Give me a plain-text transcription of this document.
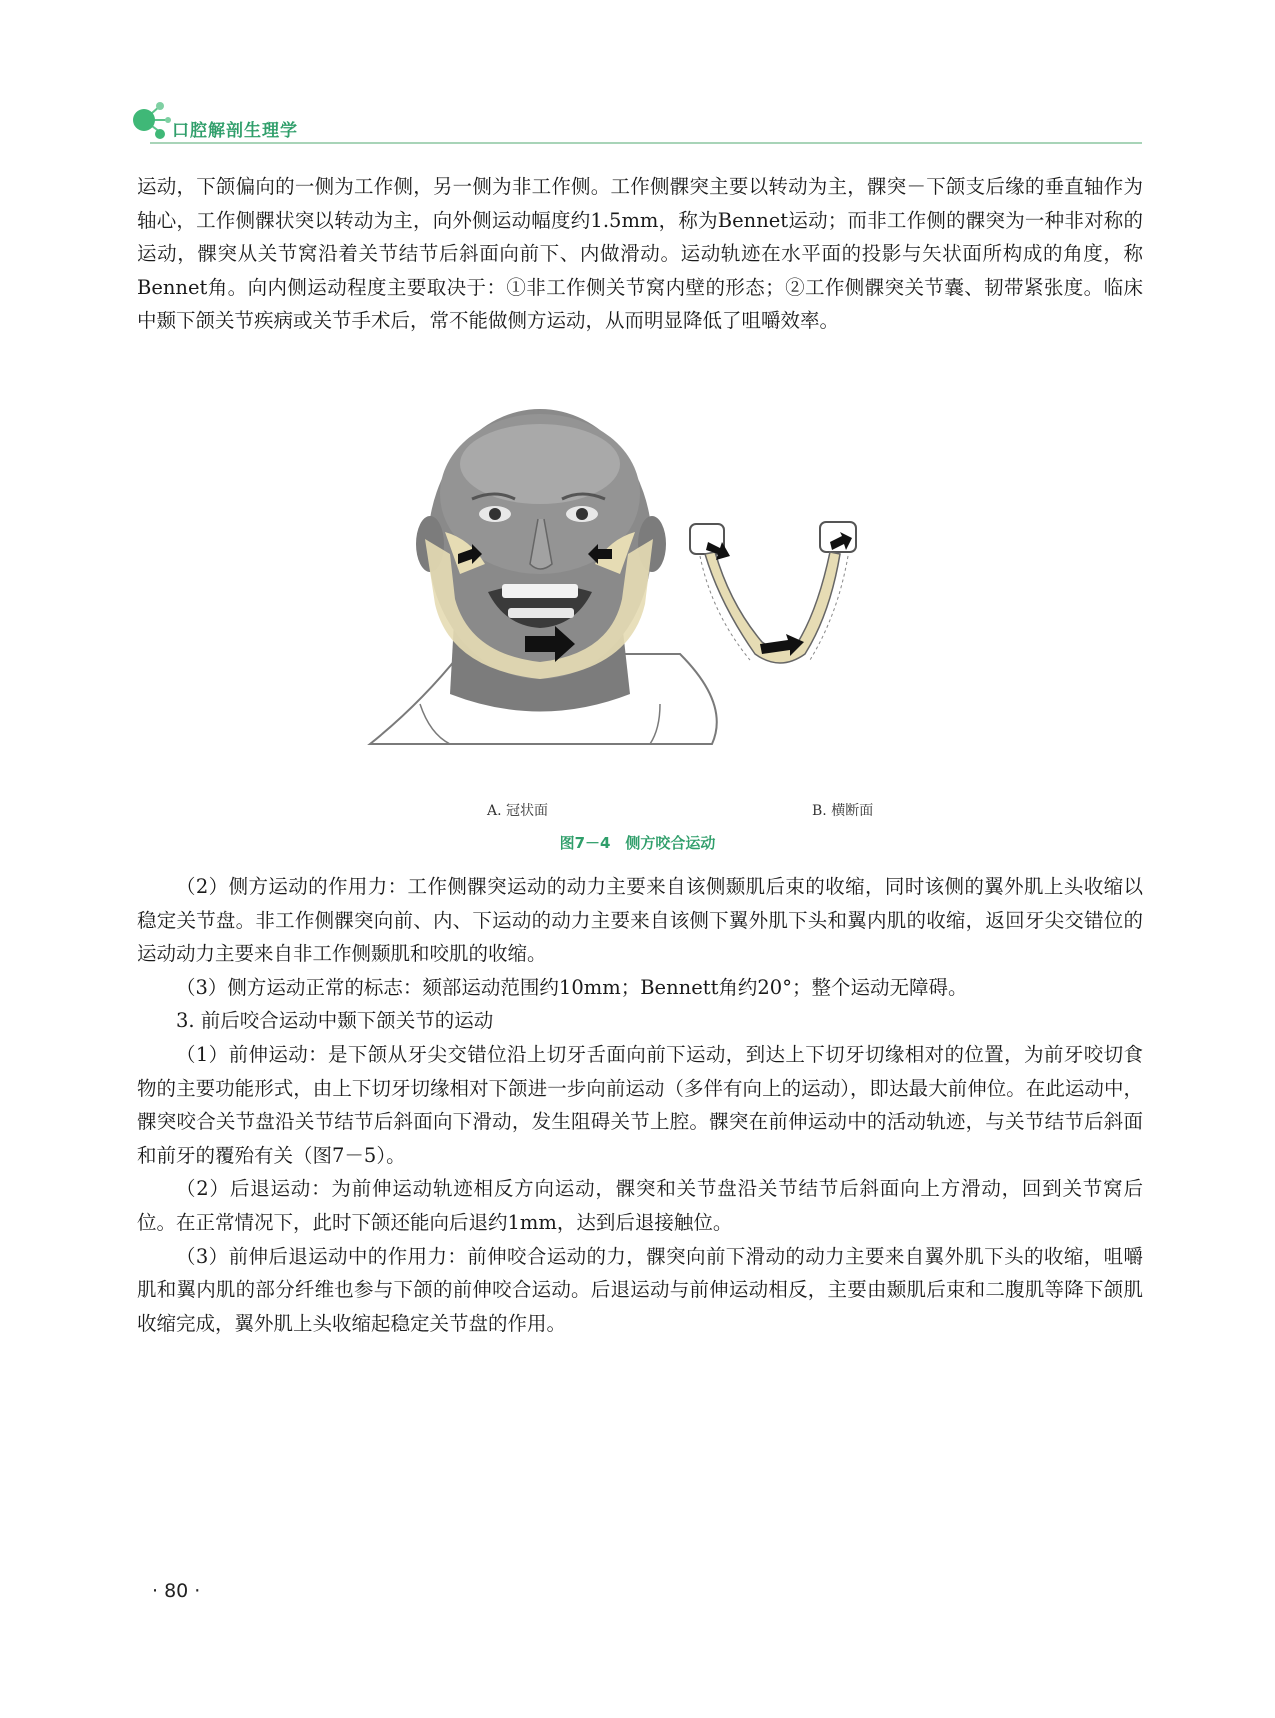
口腔解剖生理学

运动，下颌偏向的一侧为工作侧，另一侧为非工作侧。工作侧髁突主要以转动为主，髁突－下颌支后缘的垂直轴作为轴心，工作侧髁状突以转动为主，向外侧运动幅度约1.5mm，称为Bennet运动；而非工作侧的髁突为一种非对称的运动，髁突从关节窝沿着关节结节后斜面向前下、内做滑动。运动轨迹在水平面的投影与矢状面所构成的角度，称Bennet角。向内侧运动程度主要取决于：①非工作侧关节窝内壁的形态；②工作侧髁突关节囊、韧带紧张度。临床中颞下颌关节疾病或关节手术后，常不能做侧方运动，从而明显降低了咀嚼效率。

A. 冠状面	B. 横断面
图7－4　侧方咬合运动

（2）侧方运动的作用力：工作侧髁突运动的动力主要来自该侧颞肌后束的收缩，同时该侧的翼外肌上头收缩以稳定关节盘。非工作侧髁突向前、内、下运动的动力主要来自该侧下翼外肌下头和翼内肌的收缩，返回牙尖交错位的运动动力主要来自非工作侧颞肌和咬肌的收缩。

（3）侧方运动正常的标志：颏部运动范围约10mm；Bennett角约20°；整个运动无障碍。

3. 前后咬合运动中颞下颌关节的运动

（1）前伸运动：是下颌从牙尖交错位沿上切牙舌面向前下运动，到达上下切牙切缘相对的位置，为前牙咬切食物的主要功能形式，由上下切牙切缘相对下颌进一步向前运动（多伴有向上的运动），即达最大前伸位。在此运动中，髁突咬合关节盘沿关节结节后斜面向下滑动，发生阻碍关节上腔。髁突在前伸运动中的活动轨迹，与关节结节后斜面和前牙的覆殆有关（图7－5）。

（2）后退运动：为前伸运动轨迹相反方向运动，髁突和关节盘沿关节结节后斜面向上方滑动，回到关节窝后位。在正常情况下，此时下颌还能向后退约1mm，达到后退接触位。

（3）前伸后退运动中的作用力：前伸咬合运动的力，髁突向前下滑动的动力主要来自翼外肌下头的收缩，咀嚼肌和翼内肌的部分纤维也参与下颌的前伸咬合运动。后退运动与前伸运动相反，主要由颞肌后束和二腹肌等降下颌肌收缩完成，翼外肌上头收缩起稳定关节盘的作用。

· 80 ·
